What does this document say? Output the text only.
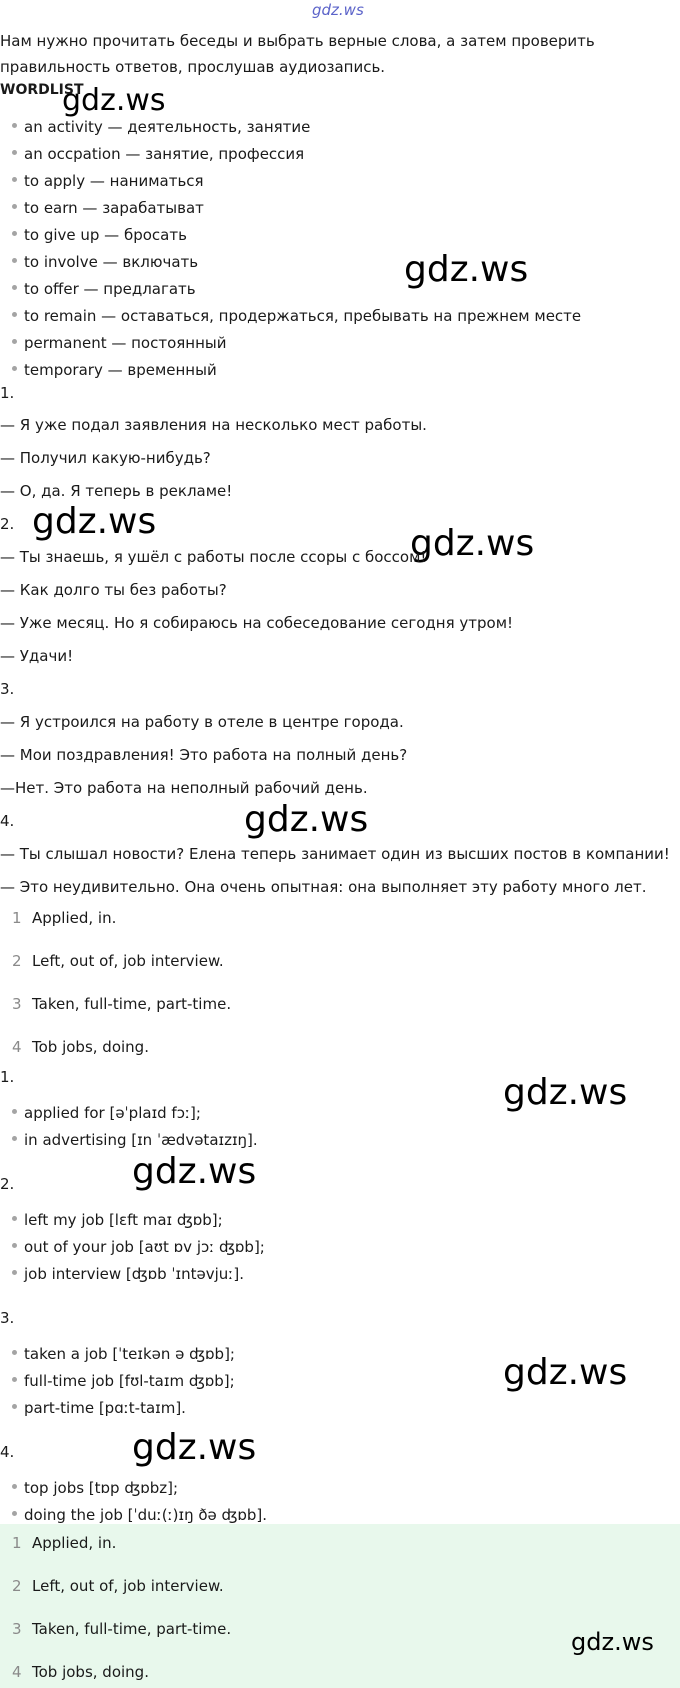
gdz.ws
gdz.ws
gdz.ws
gdz.ws
gdz.ws
gdz.ws
gdz.ws
gdz.ws
gdz.ws
gdz.ws
gdz.ws
Нам нужно прочитать беседы и выбрать верные слова, а затем проверить правильность ответов, прослушав аудиозапись.
WORDLIST
an activity — деятельность, занятие
an occpation — занятие, профессия
to apply — наниматься
to earn — зарабатыват
to give up — бросать
to involve — включать
to offer — предлагать
to remain — оставаться, продержаться, пребывать на прежнем месте
permanent — постоянный
temporary — временный
1.
— Я уже подал заявления на несколько мест работы.
— Получил какую-нибудь?
— О, да. Я теперь в рекламе!
2.
— Ты знаешь, я ушёл с работы после ссоры с боссом!
— Как долго ты без работы?
— Уже месяц. Но я собираюсь на собеседование сегодня утром!
— Удачи!
3.
— Я устроился на работу в отеле в центре города.
— Мои поздравления! Это работа на полный день?
—Нет. Это работа на неполный рабочий день.
4.
— Ты слышал новости? Елена теперь занимает один из высших постов в компании!
— Это неудивительно. Она очень опытная: она выполняет эту работу много лет.
1 Applied, in.
2 Left, out of, job interview.
3 Taken, full-time, part-time.
4 Tob jobs, doing.
1.
applied for [əˈplaɪd fɔː];
in advertising [ɪn ˈædvətaɪzɪŋ].
2.
left my job [lɛft maɪ ʤɒb];
out of your job [aʊt ɒv jɔː ʤɒb];
job interview [ʤɒb ˈɪntəvjuː].
3.
taken a job [ˈteɪkən ə ʤɒb];
full-time job [fʊl-taɪm ʤɒb];
part-time [pɑːt-taɪm].
4.
top jobs [tɒp ʤɒbz];
doing the job [ˈduː(ː)ɪŋ ðə ʤɒb].
1 Applied, in.
2 Left, out of, job interview.
3 Taken, full-time, part-time.
4 Tob jobs, doing.
